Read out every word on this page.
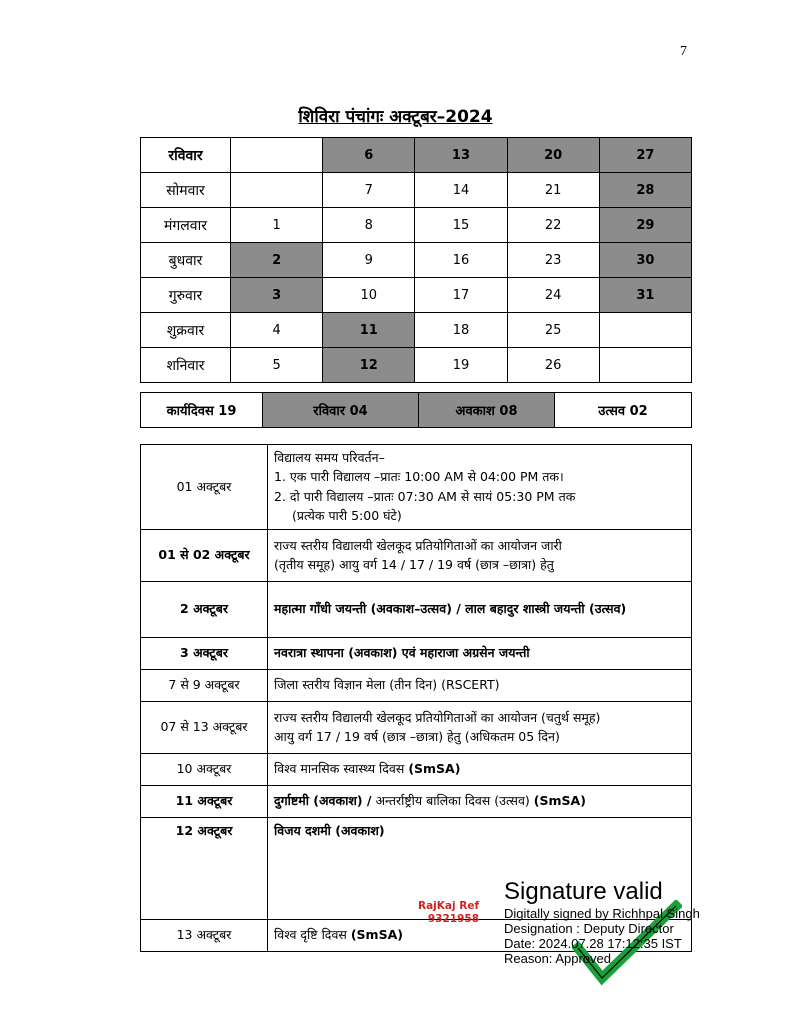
7
शिविरा पंचांगः अक्टूबर–2024
रविवार		6	13	20	27
सोमवार		7	14	21	28
मंगलवार	1	8	15	22	29
बुधवार	2	9	16	23	30
गुरुवार	3	10	17	24	31
शुक्रवार	4	11	18	25	
शनिवार	5	12	19	26	
कार्यदिवस 19	रविवार 04	अवकाश 08	उत्सव 02
01 अक्टूबर	विद्यालय समय परिवर्तन–
1. एक पारी विद्यालय –प्रातः 10:00 AM से 04:00 PM तक।
2. दो पारी विद्यालय –प्रातः 07:30 AM से सायं 05:30 PM तक
(प्रत्येक पारी 5:00 घंटे)

01 से 02 अक्टूबर	राज्य स्तरीय विद्यालयी खेलकूद प्रतियोगिताओं का आयोजन जारी
(तृतीय समूह) आयु वर्ग 14 / 17 / 19 वर्ष (छात्र –छात्रा) हेतु

2 अक्टूबर	महात्मा गाँधी जयन्ती (अवकाश–उत्सव) / लाल बहादुर शास्त्री जयन्ती (उत्सव)
3 अक्टूबर	नवरात्रा स्थापना (अवकाश) एवं महाराजा अग्रसेन जयन्ती
7 से 9 अक्टूबर	जिला स्तरीय विज्ञान मेला (तीन दिन) (RSCERT)
07 से 13 अक्टूबर	राज्य स्तरीय विद्यालयी खेलकूद प्रतियोगिताओं का आयोजन (चतुर्थ समूह)
आयु वर्ग 17 / 19 वर्ष (छात्र –छात्रा) हेतु (अधिकतम 05 दिन)

10 अक्टूबर	विश्व मानसिक स्वास्थ्य दिवस (SmSA)
11 अक्टूबर	दुर्गाष्टमी (अवकाश) / अन्तर्राष्ट्रीय बालिका दिवस (उत्सव) (SmSA)
12 अक्टूबर	विजय दशमी (अवकाश)
13 अक्टूबर	विश्व दृष्टि दिवस (SmSA)
RajKaj Ref
9321958
Signature valid
Digitally signed by Richhpal Singh
Designation : Deputy Director
Date: 2024.07.28 17:12:35 IST
Reason: Approved
